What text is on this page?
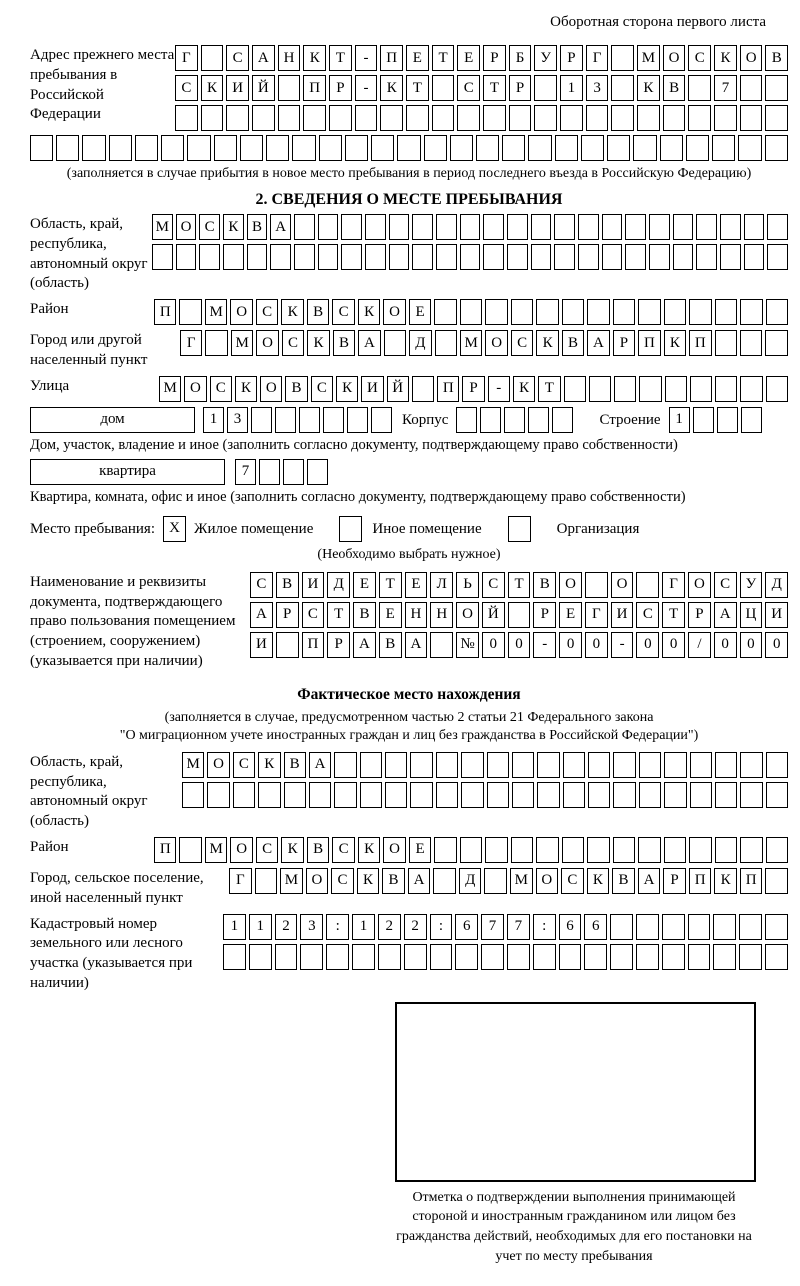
Оборотная сторона первого листа
Адрес прежнего места пребывания в Российской Федерации
Г	С	А Н	К	Т	-	П	Е	Т	Е	Р	Б	У	Р	Г	М О	С	К	О	В
С	К	И Й	П	Р	-	К	Т	С	Т	Р	1	3	К	В	7
(заполняется в случае прибытия в новое место пребывания в период последнего въезда в Российскую Федерацию)
2. СВЕДЕНИЯ О МЕСТЕ ПРЕБЫВАНИЯ
Область, край, республика, автономный округ (область)
М О С К В А
Район	П	М О	С	К	В	С	К	О	Е
Город или другой населенный пункт
Г	М О	С	К	В	А	Д	М О	С	К	В	А	Р	П	К	П
Улица	М О С	К О В	С	К И Й	П	Р	-	К	Т
дом	1	3	Корпус	Строение 1
Дом, участок, владение и иное (заполнить согласно документу, подтверждающему право собственности)
квартира	7
Квартира, комната, офис и иное (заполнить согласно документу, подтверждающему право собственности)
Место пребывания: X Жилое помещение	Иное помещение	Организация
(Необходимо выбрать нужное)
Наименование и реквизиты документа, подтверждающего право пользования помещением (строением, сооружением) (указывается при наличии)
С	В	И	Д	Е	Т	Е	Л	Ь	С	Т	В	О	О	Г	О	С	У	Д
А	Р	С	Т	В	Е	Н Н О Й	Р	Е	Г	И	С	Т	Р	А Ц И
И	П	Р	А	В	А	№ 0	0	-	0	0	-	0	0	/	0	0	0
Фактическое место нахождения
(заполняется в случае, предусмотренном частью 2 статьи 21 Федерального закона
"О миграционном учете иностранных граждан и лиц без гражданства в Российской Федерации")
Область, край, республика, автономный округ (область)
М О С	К	В А
Район	П	М О	С	К	В	С	К	О	Е
Город, сельское поселение, иной населенный пункт
Г	М О	С	К	В	А	Д	М О	С	К	В	А	Р	П	К	П
Кадастровый номер земельного или лесного участка (указывается при наличии)
1	1	2	3	:	1	2	2	:	6	7	7	:	6	6
Отметка о подтверждении выполнения принимающей стороной и иностранным гражданином или лицом без гражданства действий, необходимых для его постановки на учет по месту пребывания
